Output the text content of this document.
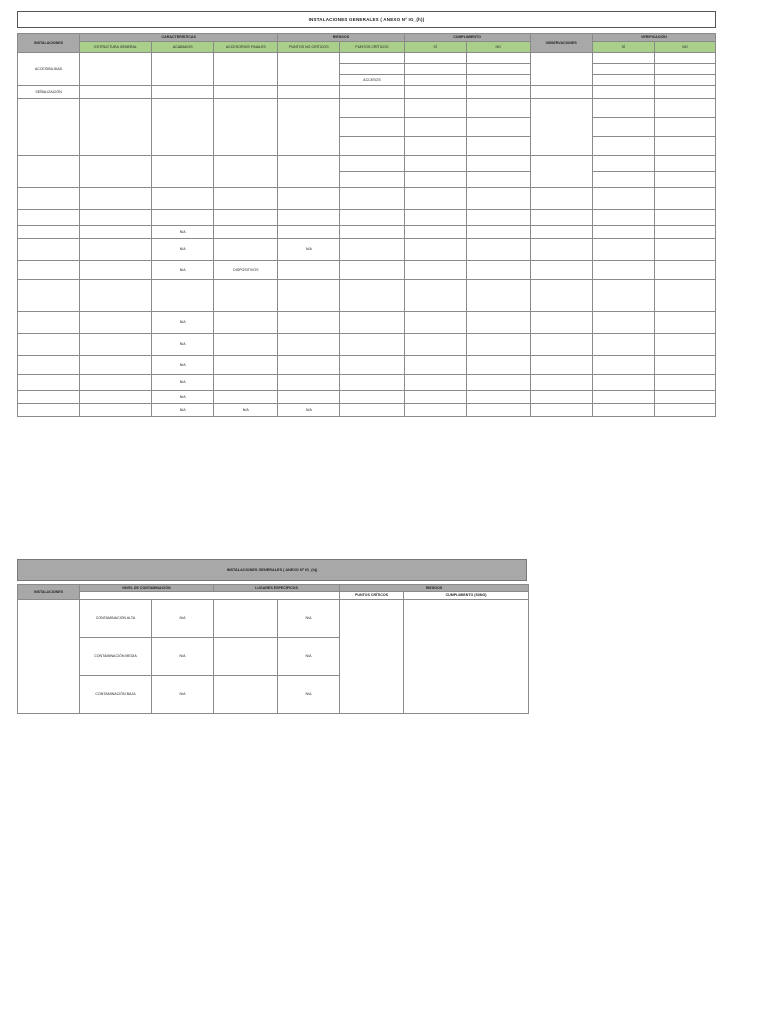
INSTALACIONES GENERALES ( ANEXO Nº IG_(h))
INSTALACIONES	CARACTERÍSTICAS			RIESGOS		CUMPLIMIENTO		OBSERVACIONES	VERIFICACIÓN	
	ESTRUCTURA GENERAL	ACABADOS	ACCESORIOS FINALES	PUNTOS NO CRÍTICOS	PUNTOS CRÍTICOS	SÍ	NO		SÍ	NO
ACCESIBILIDAD										

					ACCESOS					
SEÑALIZACIÓN										

		N/A								
		N/A		N/A						
		N/A	DISPOSITIVOS							

		N/A								
		N/A								
		N/A								
		N/A								
		N/A								
		N/A	N/A	N/A						
INSTALACIONES GENERALES ( ANEXO Nº IG_(h))
INSTALACIONES	NIVEL DE CONTAMINACIÓN		LUGARES ESPECÍFICOS		RIESGOS	
					PUNTOS CRÍTICOS	CUMPLIMIENTO (SI/NO)
	CONTAMINACIÓN ALTA	N/A		N/A		
	CONTAMINACIÓN MEDIA	N/A		N/A		
	CONTAMINACIÓN BAJA	N/A		N/A		
